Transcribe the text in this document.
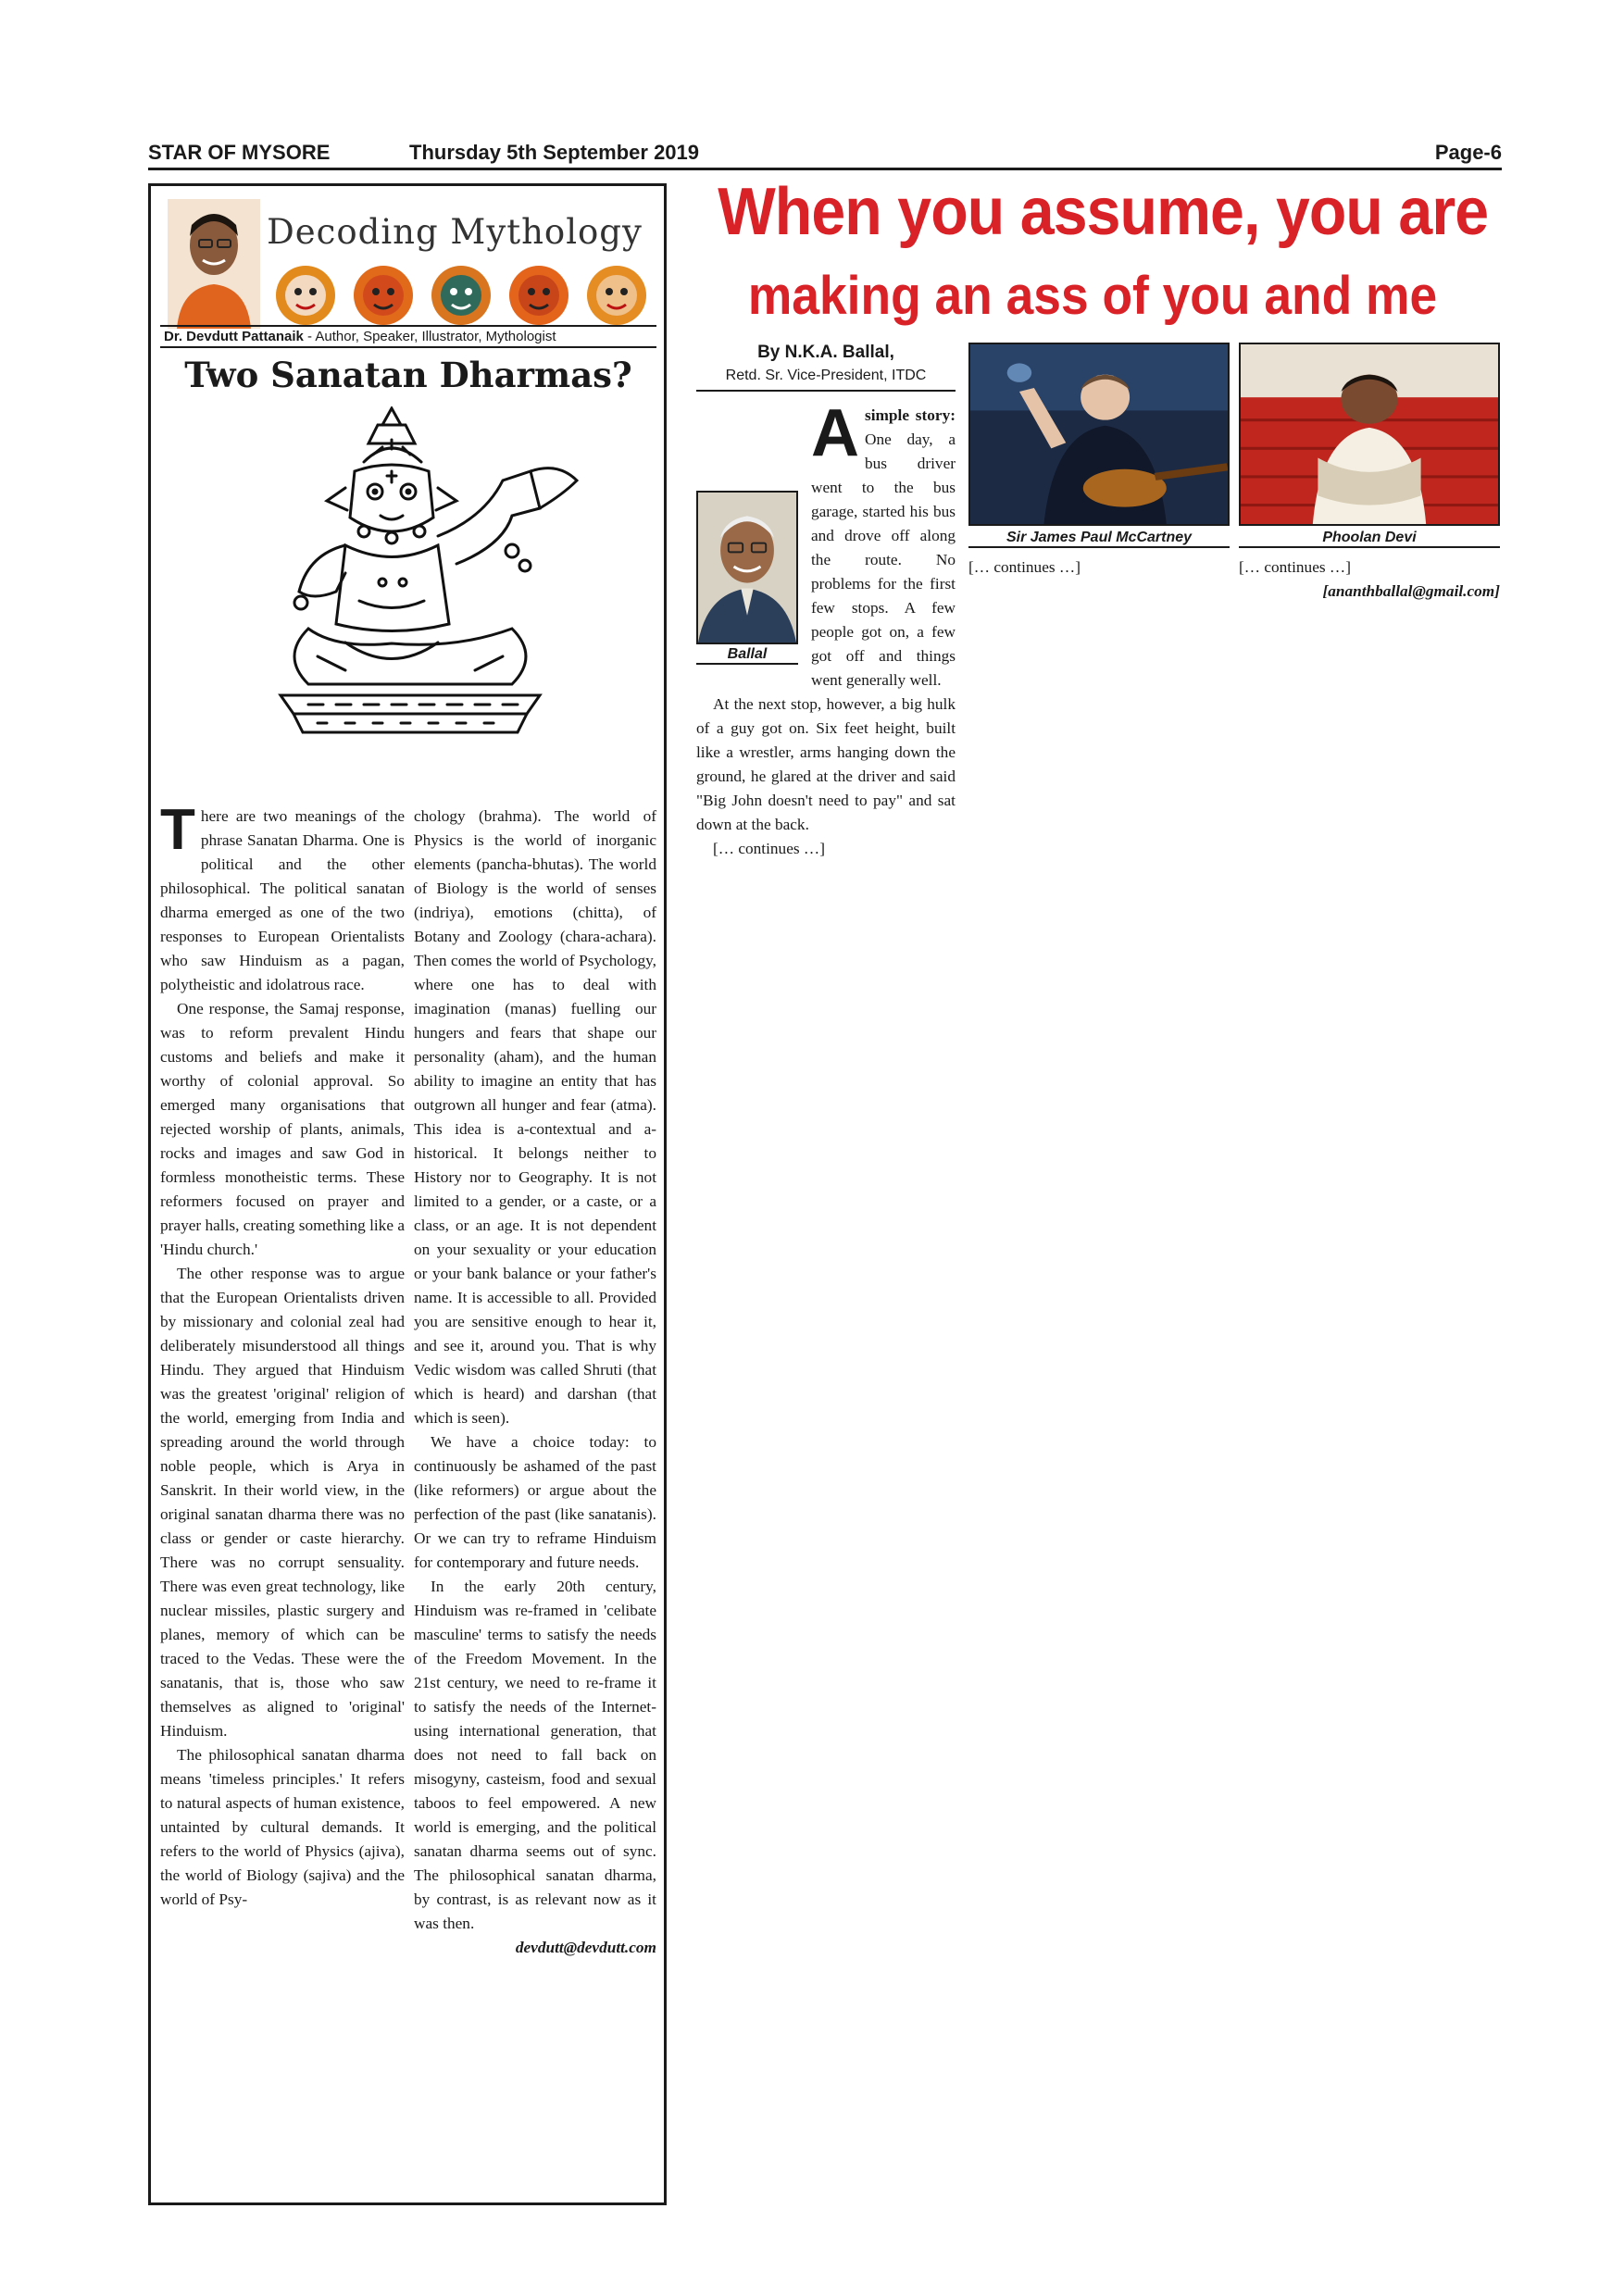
STAR OF MYSORE	Thursday 5th September 2019	Page-6
Decoding Mythology
Dr. Devdutt Pattanaik - Author, Speaker, Illustrator, Mythologist
Two Sanatan Dharmas?

There are two meanings of the phrase Sanatan Dharma. One is political and the other philosophical. The political sanatan dharma emerged as one of the two responses to European Orientalists who saw Hinduism as a pagan, polytheistic and idolatrous race.

One response, the Samaj response, was to reform prevalent Hindu customs and beliefs and make it worthy of colonial approval. So emerged many organisations that rejected worship of plants, animals, rocks and images and saw God in formless monotheistic terms. These reformers focused on prayer and prayer halls, creating something like a 'Hindu church.'

The other response was to argue that the European Orientalists driven by missionary and colonial zeal had deliberately misunderstood all things Hindu. They argued that Hinduism was the greatest 'original' religion of the world, emerging from India and spreading around the world through noble people, which is Arya in Sanskrit. In their world view, in the original sanatan dharma there was no class or gender or caste hierarchy. There was no corrupt sensuality. There was even great technology, like nuclear missiles, plastic surgery and planes, memory of which can be traced to the Vedas. These were the sanatanis, that is, those who saw themselves as aligned to 'original' Hinduism.

The philosophical sanatan dharma means 'timeless principles.' It refers to natural aspects of human existence, untainted by cultural demands. It refers to the world of Physics (ajiva), the world of Biology (sajiva) and the world of Psy-

chology (brahma). The world of Physics is the world of inorganic elements (pancha-bhutas). The world of Biology is the world of senses (indriya), emotions (chitta), of Botany and Zoology (chara-achara). Then comes the world of Psychology, where one has to deal with imagination (manas) fuelling our hungers and fears that shape our personality (aham), and the human ability to imagine an entity that has outgrown all hunger and fear (atma). This idea is a-contextual and a-historical. It belongs neither to History nor to Geography. It is not limited to a gender, or a caste, or a class, or an age. It is not dependent on your sexuality or your education or your bank balance or your father's name. It is accessible to all. Provided you are sensitive enough to hear it, and see it, around you. That is why Vedic wisdom was called Shruti (that which is heard) and darshan (that which is seen).

We have a choice today: to continuously be ashamed of the past (like reformers) or argue about the perfection of the past (like sanatanis). Or we can try to reframe Hinduism for contemporary and future needs.

In the early 20th century, Hinduism was re-framed in 'celibate masculine' terms to satisfy the needs of the Freedom Movement. In the 21st century, we need to re-frame it to satisfy the needs of the Internet-using international generation, that does not need to fall back on misogyny, casteism, food and sexual taboos to feel empowered. A new world is emerging, and the political sanatan dharma seems out of sync. The philosophical sanatan dharma, by contrast, is as relevant now as it was then.

devdutt@devdutt.com

When you assume, you are
making an ass of you and me
By N.K.A. Ballal,
Retd. Sr. Vice-President, ITDC
Ballal
Sir James Paul McCartney	Phoolan Devi

Asimple story: One day, a bus driver went to the bus garage, started his bus and drove off along the route. No problems for the first few stops. A few people got on, a few got off and things went generally well.

At the next stop, however, a big hulk of a guy got on. Six feet height, built like a wrestler, arms hanging down the ground, he glared at the driver and said "Big John doesn't need to pay" and sat down at the back.

[… continues …]

[… continues …]	[… continues …]

[ananthballal@gmail.com]
